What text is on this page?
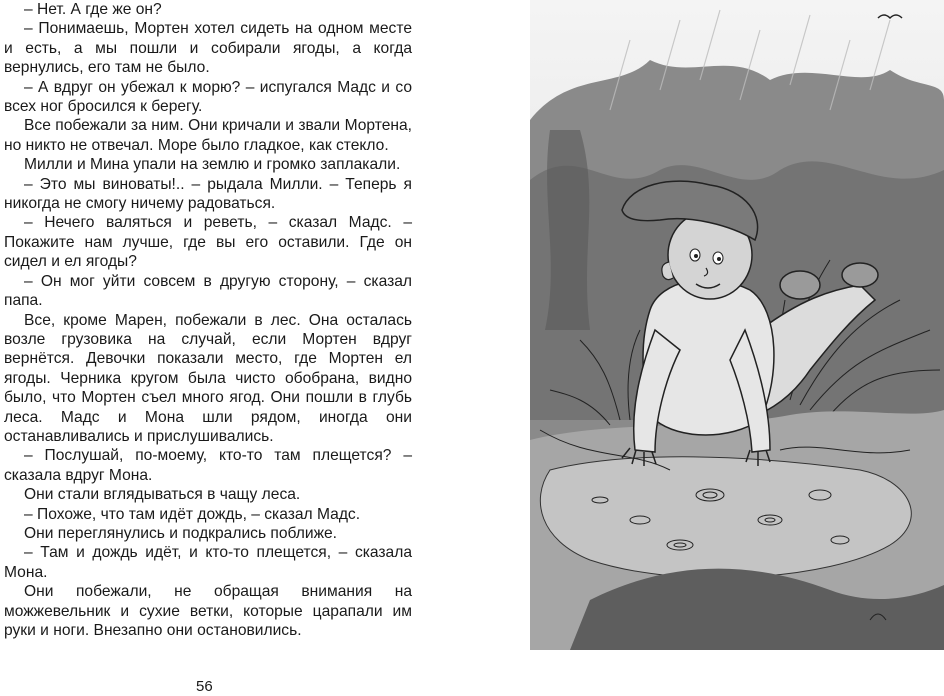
– Нет. А где же он?

– Понимаешь, Мортен хотел сидеть на одном месте и есть, а мы пошли и собирали ягоды, а когда вернулись, его там не было.

– А вдруг он убежал к морю? – испугался Мадс и со всех ног бросился к берегу.

Все побежали за ним. Они кричали и звали Мортена, но никто не отвечал. Море было гладкое, как стекло.

Милли и Мина упали на землю и громко заплакали.

– Это мы виноваты!.. – рыдала Милли. – Теперь я никогда не смогу ничему радоваться.

– Нечего валяться и реветь, – сказал Мадс. – Покажите нам лучше, где вы его оставили. Где он сидел и ел ягоды?

– Он мог уйти совсем в другую сторону, – сказал папа.

Все, кроме Марен, побежали в лес. Она осталась возле грузовика на случай, если Мортен вдруг вернётся. Девочки показали место, где Мортен ел ягоды. Черника кругом была чисто обобрана, видно было, что Мортен съел много ягод. Они пошли в глубь леса. Мадс и Мона шли рядом, иногда они останавливались и прислушивались.

– Послушай, по-моему, кто-то там плещется? – сказала вдруг Мона.

Они стали вглядываться в чащу леса.

– Похоже, что там идёт дождь, – сказал Мадс.

Они переглянулись и подкрались поближе.

– Там и дождь идёт, и кто-то плещется, – сказала Мона.

Они побежали, не обращая внимания на можжевельник и сухие ветки, которые царапали им руки и ноги. Внезапно они остановились.

56
